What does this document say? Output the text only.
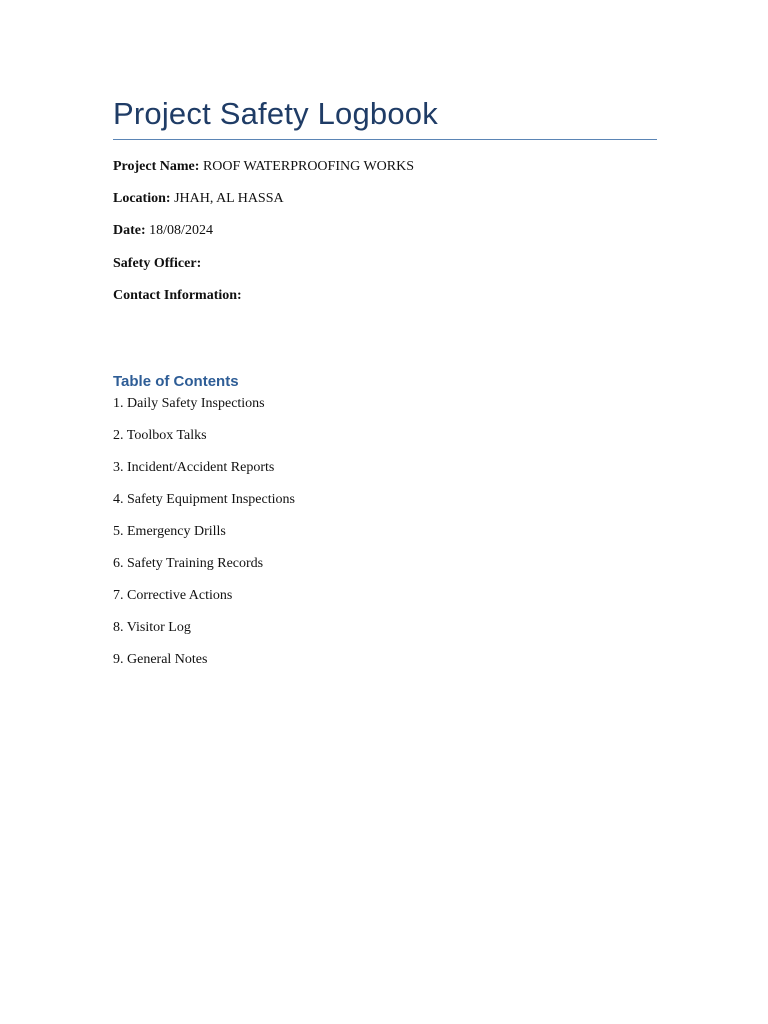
Project Safety Logbook
Project Name: ROOF WATERPROOFING WORKS
Location: JHAH, AL HASSA
Date: 18/08/2024
Safety Officer:
Contact Information:
Table of Contents
1. Daily Safety Inspections
2. Toolbox Talks
3. Incident/Accident Reports
4. Safety Equipment Inspections
5. Emergency Drills
6. Safety Training Records
7. Corrective Actions
8. Visitor Log
9. General Notes
